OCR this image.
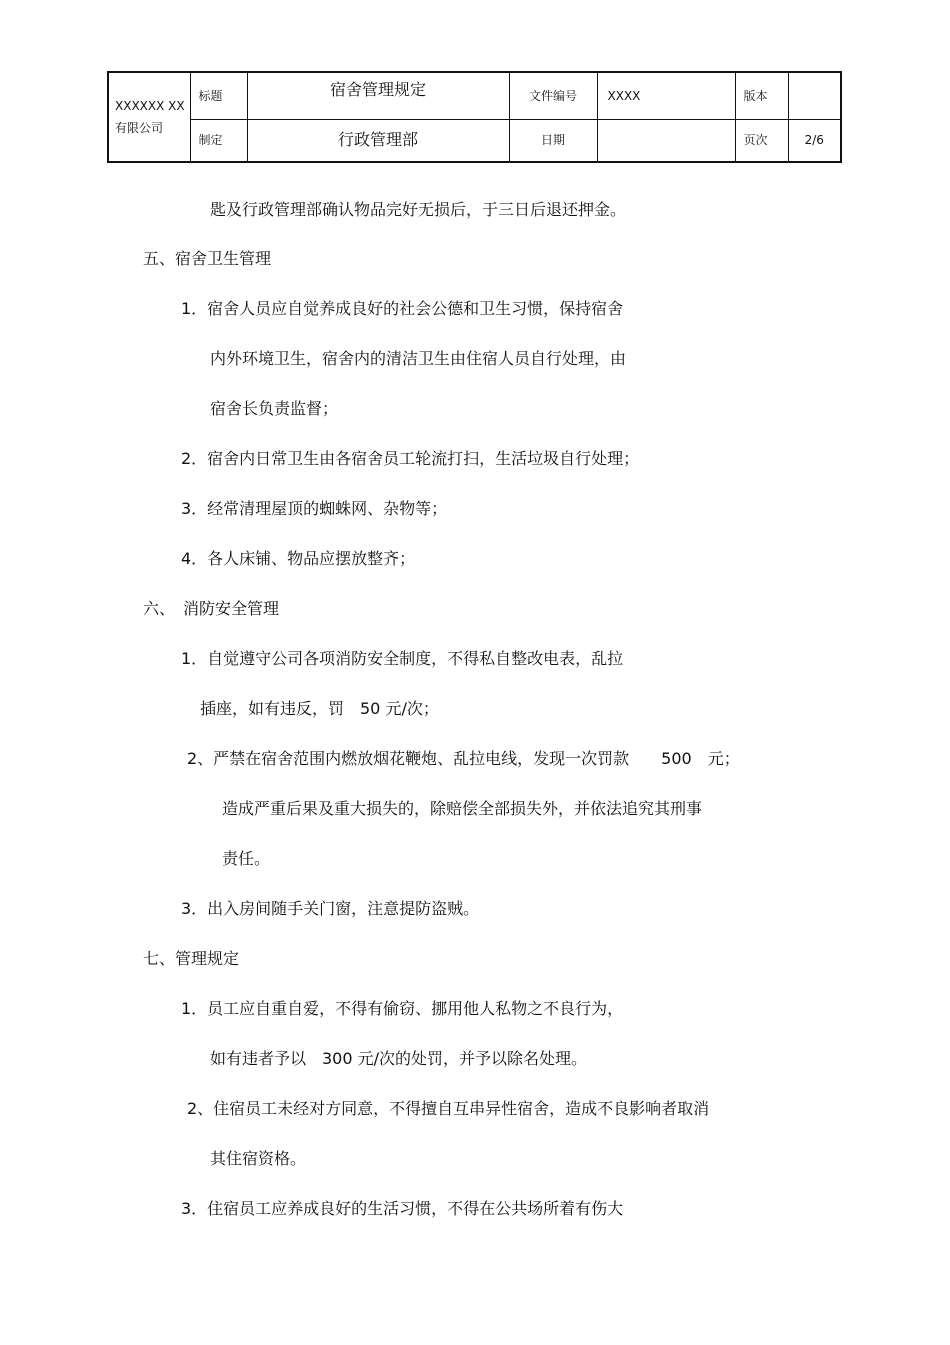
XXXXXX XX 有限公司	标题	宿舍管理规定	文件编号	XXXX	版本	
	制定	行政管理部	日期		页次	2/6
匙及行政管理部确认物品完好无损后，于三日后退还押金。
五、宿舍卫生管理
1．宿舍人员应自觉养成良好的社会公德和卫生习惯，保持宿舍
内外环境卫生，宿舍内的清洁卫生由住宿人员自行处理，由
宿舍长负责监督；
2．宿舍内日常卫生由各宿舍员工轮流打扫，生活垃圾自行处理；
3．经常清理屋顶的蜘蛛网、杂物等；
4．各人床铺、物品应摆放整齐；
六、　消防安全管理
1．自觉遵守公司各项消防安全制度，不得私自整改电表，乱拉
插座，如有违反，罚　50 元/次；
2、严禁在宿舍范围内燃放烟花鞭炮、乱拉电线，发现一次罚款　　500　元；
造成严重后果及重大损失的，除赔偿全部损失外，并依法追究其刑事
责任。
3．出入房间随手关门窗，注意提防盗贼。
七、管理规定
1．员工应自重自爱，不得有偷窃、挪用他人私物之不良行为，
如有违者予以　300 元/次的处罚，并予以除名处理。
2、住宿员工未经对方同意，不得擅自互串异性宿舍，造成不良影响者取消
其住宿资格。
3．住宿员工应养成良好的生活习惯，不得在公共场所着有伤大
